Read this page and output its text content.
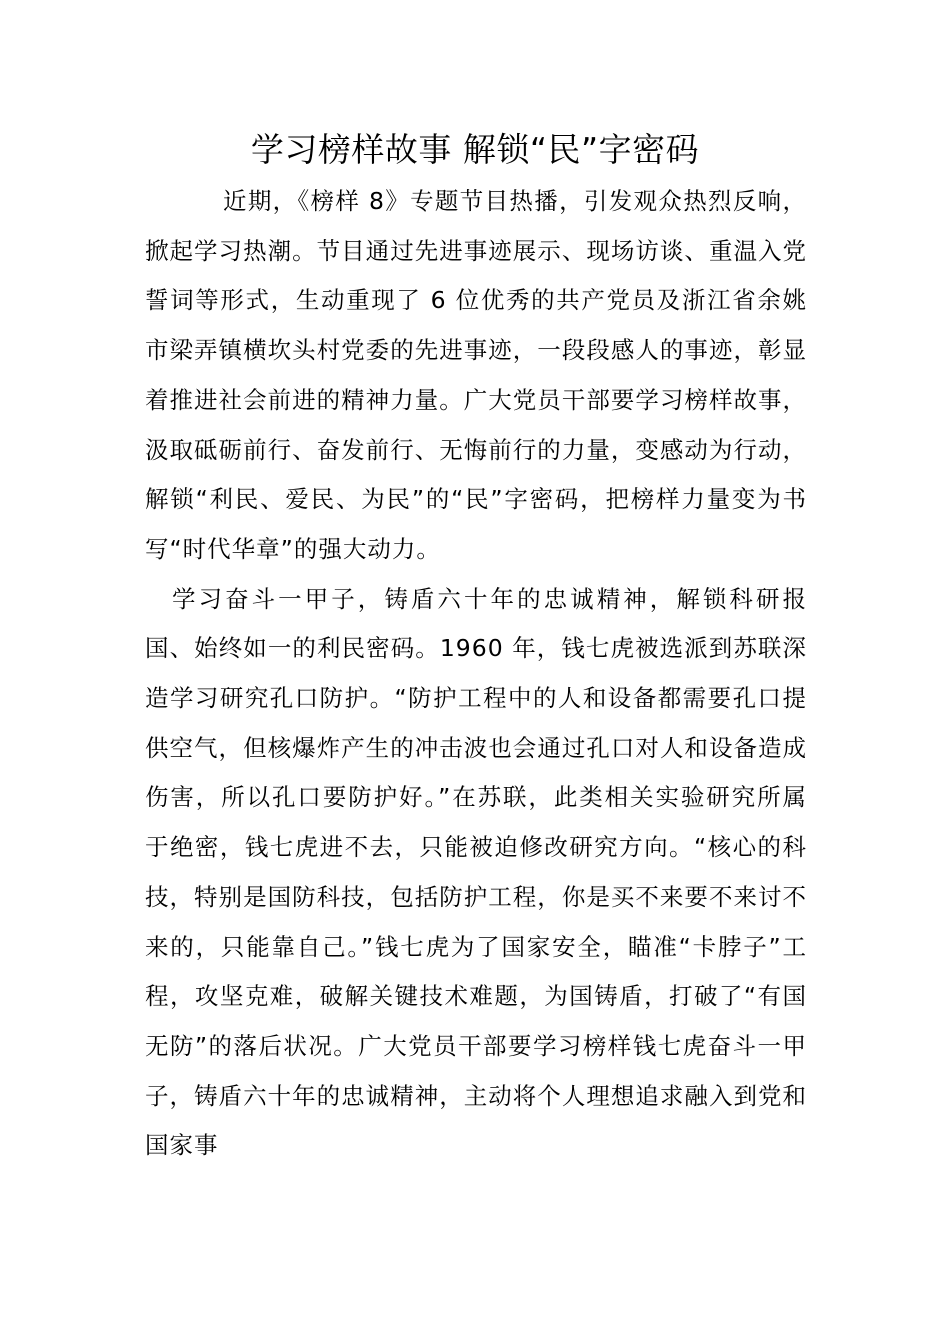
学习榜样故事 解锁“民”字密码

近期，《榜样 8》专题节目热播，引发观众热烈反响，掀起学习热潮。节目通过先进事迹展示、现场访谈、重温入党誓词等形式，生动重现了 6 位优秀的共产党员及浙江省余姚市梁弄镇横坎头村党委的先进事迹，一段段感人的事迹，彰显着推进社会前进的精神力量。广大党员干部要学习榜样故事，汲取砥砺前行、奋发前行、无悔前行的力量，变感动为行动，解锁“利民、爱民、为民”的“民”字密码，把榜样力量变为书写“时代华章”的强大动力。

学习奋斗一甲子，铸盾六十年的忠诚精神，解锁科研报国、始终如一的利民密码。1960 年，钱七虎被选派到苏联深造学习研究孔口防护。“防护工程中的人和设备都需要孔口提供空气，但核爆炸产生的冲击波也会通过孔口对人和设备造成伤害，所以孔口要防护好。”在苏联，此类相关实验研究所属于绝密，钱七虎进不去，只能被迫修改研究方向。“核心的科技，特别是国防科技，包括防护工程，你是买不来要不来讨不来的，只能靠自己。”钱七虎为了国家安全，瞄准“卡脖子”工程，攻坚克难，破解关键技术难题，为国铸盾，打破了“有国无防”的落后状况。广大党员干部要学习榜样钱七虎奋斗一甲子，铸盾六十年的忠诚精神，主动将个人理想追求融入到党和国家事
